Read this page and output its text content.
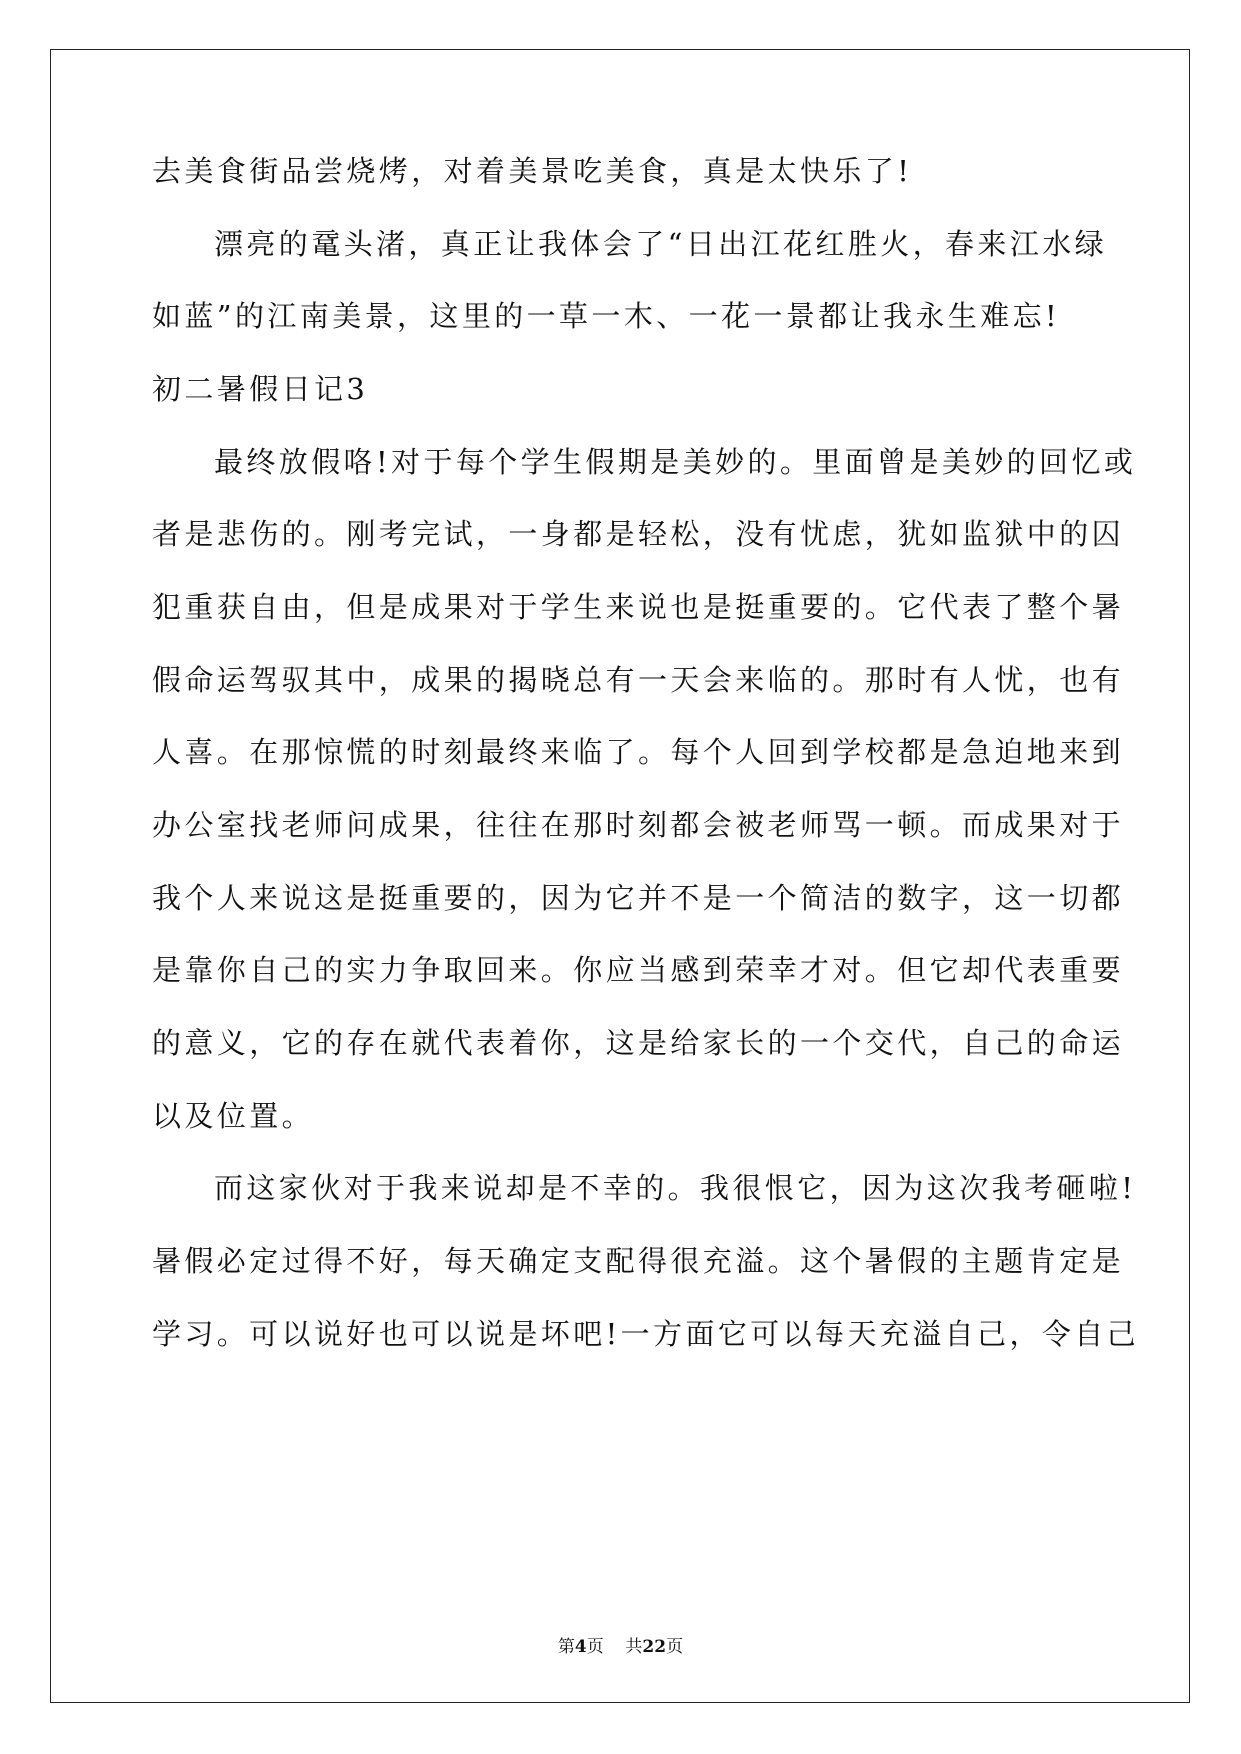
去美食街品尝烧烤，对着美景吃美食，真是太快乐了!
漂亮的鼋头渚，真正让我体会了“日出江花红胜火，春来江水绿
如蓝”的江南美景，这里的一草一木、一花一景都让我永生难忘!
初二暑假日记3
最终放假咯!对于每个学生假期是美妙的。里面曾是美妙的回忆或
者是悲伤的。刚考完试，一身都是轻松，没有忧虑，犹如监狱中的囚
犯重获自由，但是成果对于学生来说也是挺重要的。它代表了整个暑
假命运驾驭其中，成果的揭晓总有一天会来临的。那时有人忧，也有
人喜。在那惊慌的时刻最终来临了。每个人回到学校都是急迫地来到
办公室找老师问成果，往往在那时刻都会被老师骂一顿。而成果对于
我个人来说这是挺重要的，因为它并不是一个简洁的数字，这一切都
是靠你自己的实力争取回来。你应当感到荣幸才对。但它却代表重要
的意义，它的存在就代表着你，这是给家长的一个交代，自己的命运
以及位置。
而这家伙对于我来说却是不幸的。我很恨它，因为这次我考砸啦!
暑假必定过得不好，每天确定支配得很充溢。这个暑假的主题肯定是
学习。可以说好也可以说是坏吧!一方面它可以每天充溢自己，令自己
第4页 共22页
